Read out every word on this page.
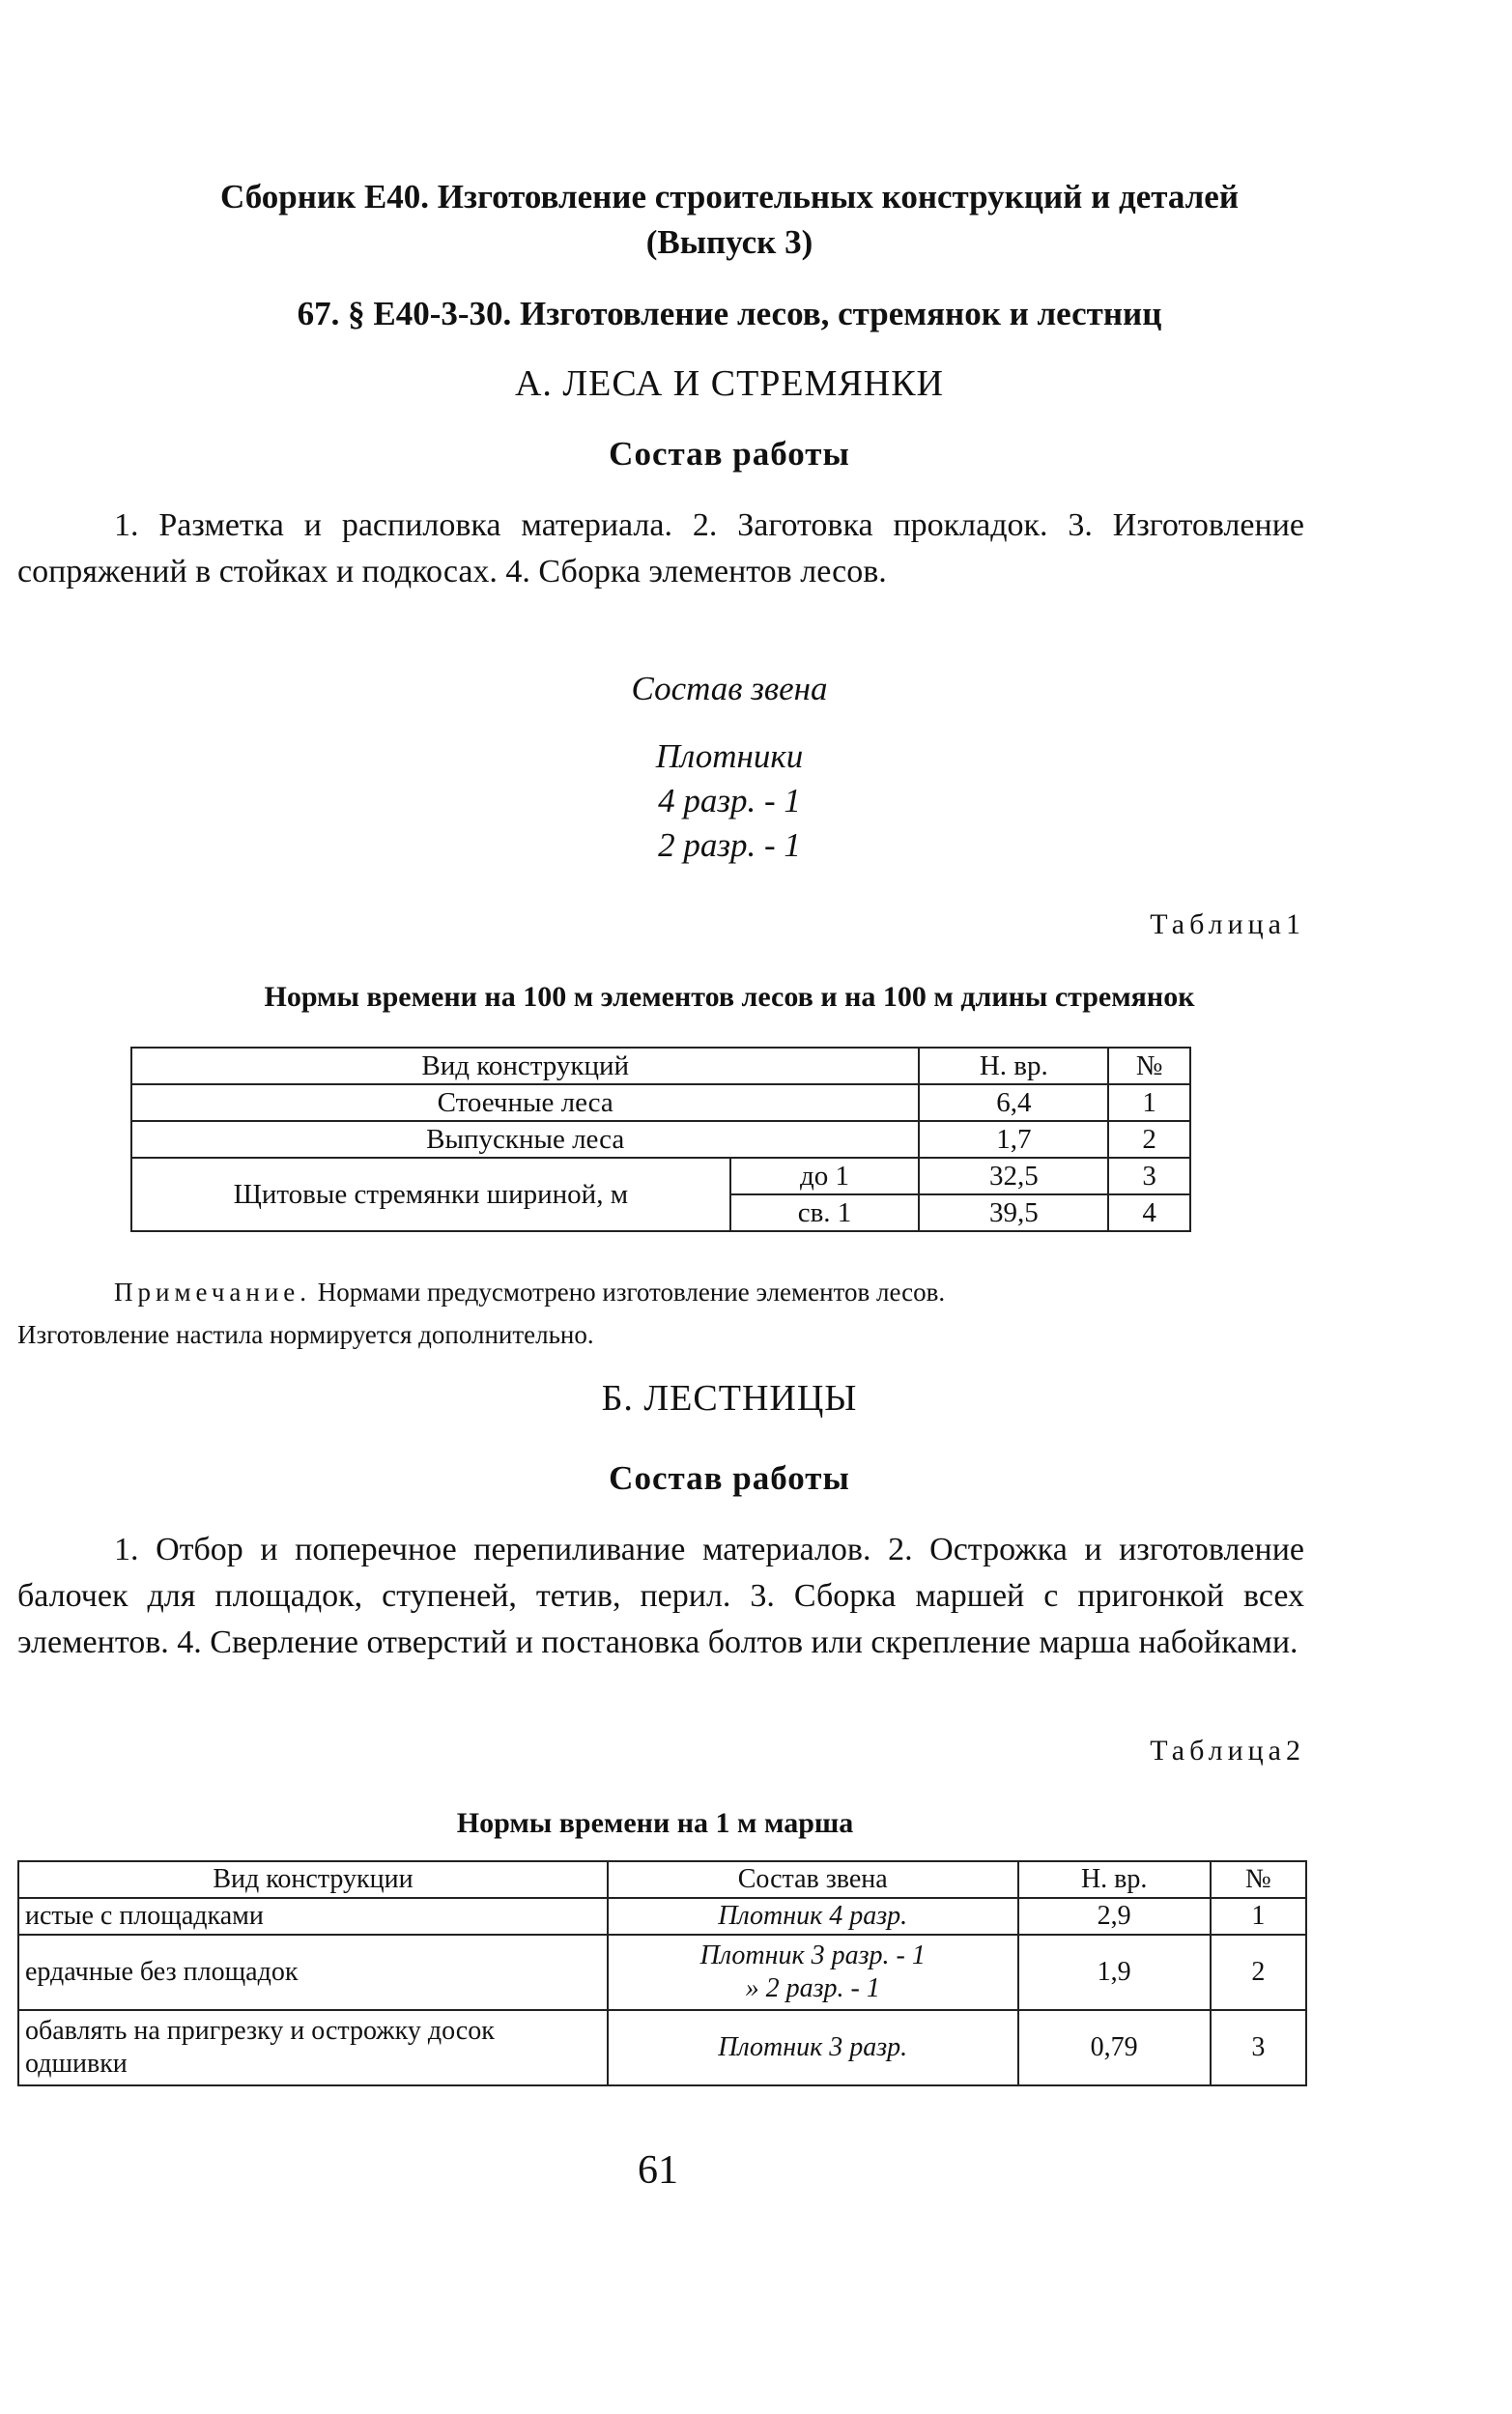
Сборник Е40. Изготовление строительных конструкций и деталей
(Выпуск 3)
67. § Е40-3-30. Изготовление лесов, стремянок и лестниц
А. ЛЕСА И СТРЕМЯНКИ
Состав работы

1. Разметка и распиловка материала. 2. Заготовка прокладок. 3. Изготовление сопряжений в стойках и подкосах. 4. Сборка элементов лесов.

Состав звена
Плотники
4 разр. - 1
2 разр. - 1
Таблица1
Нормы времени на 100 м элементов лесов и на 100 м длины стремянок
Вид конструкций		Н. вр.	№
Стоечные леса		6,4	1
Выпускные леса		1,7	2
Щитовые стремянки шириной, м	до 1	32,5	3
	св. 1	39,5	4
Примечание. Нормами предусмотрено изготовление элементов лесов.
Изготовление настила нормируется дополнительно.
Б. ЛЕСТНИЦЫ
Состав работы

1. Отбор и поперечное перепиливание материалов. 2. Острожка и изготовление балочек для площадок, ступеней, тетив, перил. 3. Сборка маршей с пригонкой всех элементов. 4. Сверление отверстий и постановка болтов или скрепление марша набойками.

Таблица2
Нормы времени на 1 м марша
Вид конструкции	Состав звена	Н. вр.	№
истые с площадками	Плотник 4 разр.	2,9	1
ердачные без площадок	Плотник 3 разр. - 1
» 2 разр. - 1	1,9	2
обавлять на пригрезку и острожку досок одшивки	Плотник 3 разр.	0,79	3
61
